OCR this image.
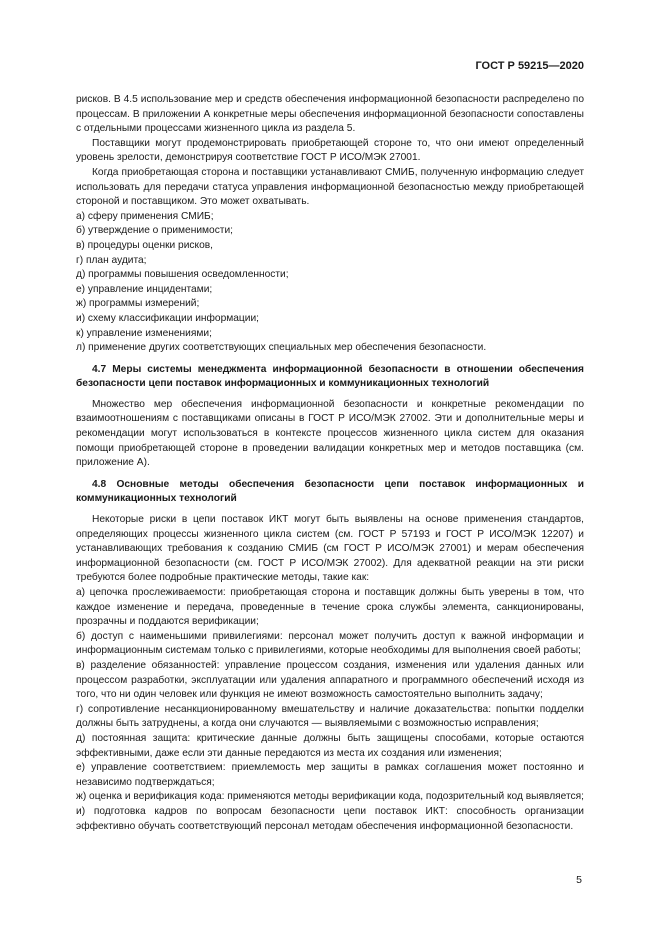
ГОСТ Р 59215—2020

рисков. В 4.5 использование мер и средств обеспечения информационной безопасности распределено по процессам. В приложении А конкретные меры обеспечения информационной безопасности сопоставлены с отдельными процессами жизненного цикла из раздела 5.

Поставщики могут продемонстрировать приобретающей стороне то, что они имеют определенный уровень зрелости, демонстрируя соответствие ГОСТ Р ИСО/МЭК 27001.

Когда приобретающая сторона и поставщики устанавливают СМИБ, полученную информацию следует использовать для передачи статуса управления информационной безопасностью между приобретающей стороной и поставщиком. Это может охватывать.

а) сферу применения СМИБ;
б) утверждение о применимости;
в) процедуры оценки рисков,
г) план аудита;
д) программы повышения осведомленности;
е) управление инцидентами;
ж) программы измерений;
и) схему классификации информации;
к) управление изменениями;
л) применение других соответствующих специальных мер обеспечения безопасности.

4.7 Меры системы менеджмента информационной безопасности в отношении обеспечения безопасности цепи поставок информационных и коммуникационных технологий

Множество мер обеспечения информационной безопасности и конкретные рекомендации по взаимоотношениям с поставщиками описаны в ГОСТ Р ИСО/МЭК 27002. Эти и дополнительные меры и рекомендации могут использоваться в контексте процессов жизненного цикла систем для оказания помощи приобретающей стороне в проведении валидации конкретных мер и методов поставщика (см. приложение А).

4.8 Основные методы обеспечения безопасности цепи поставок информационных и коммуникационных технологий

Некоторые риски в цепи поставок ИКТ могут быть выявлены на основе применения стандартов, определяющих процессы жизненного цикла систем (см. ГОСТ Р 57193 и ГОСТ Р ИСО/МЭК 12207) и устанавливающих требования к созданию СМИБ (см ГОСТ Р ИСО/МЭК 27001) и мерам обеспечения информационной безопасности (см. ГОСТ Р ИСО/МЭК 27002). Для адекватной реакции на эти риски требуются более подробные практические методы, такие как:

а) цепочка прослеживаемости: приобретающая сторона и поставщик должны быть уверены в том, что каждое изменение и передача, проведенные в течение срока службы элемента, санкционированы, прозрачны и поддаются верификации;
б) доступ с наименьшими привилегиями: персонал может получить доступ к важной информации и информационным системам только с привилегиями, которые необходимы для выполнения своей работы;
в) разделение обязанностей: управление процессом создания, изменения или удаления данных или процессом разработки, эксплуатации или удаления аппаратного и программного обеспечений исходя из того, что ни один человек или функция не имеют возможность самостоятельно выполнить задачу;
г) сопротивление несанкционированному вмешательству и наличие доказательства: попытки подделки должны быть затруднены, а когда они случаются — выявляемыми с возможностью исправления;
д) постоянная защита: критические данные должны быть защищены способами, которые остаются эффективными, даже если эти данные передаются из места их создания или изменения;
е) управление соответствием: приемлемость мер защиты в рамках соглашения может постоянно и независимо подтверждаться;
ж) оценка и верификация кода: применяются методы верификации кода, подозрительный код выявляется;
и) подготовка кадров по вопросам безопасности цепи поставок ИКТ: способность организации эффективно обучать соответствующий персонал методам обеспечения информационной безопасности.
5
